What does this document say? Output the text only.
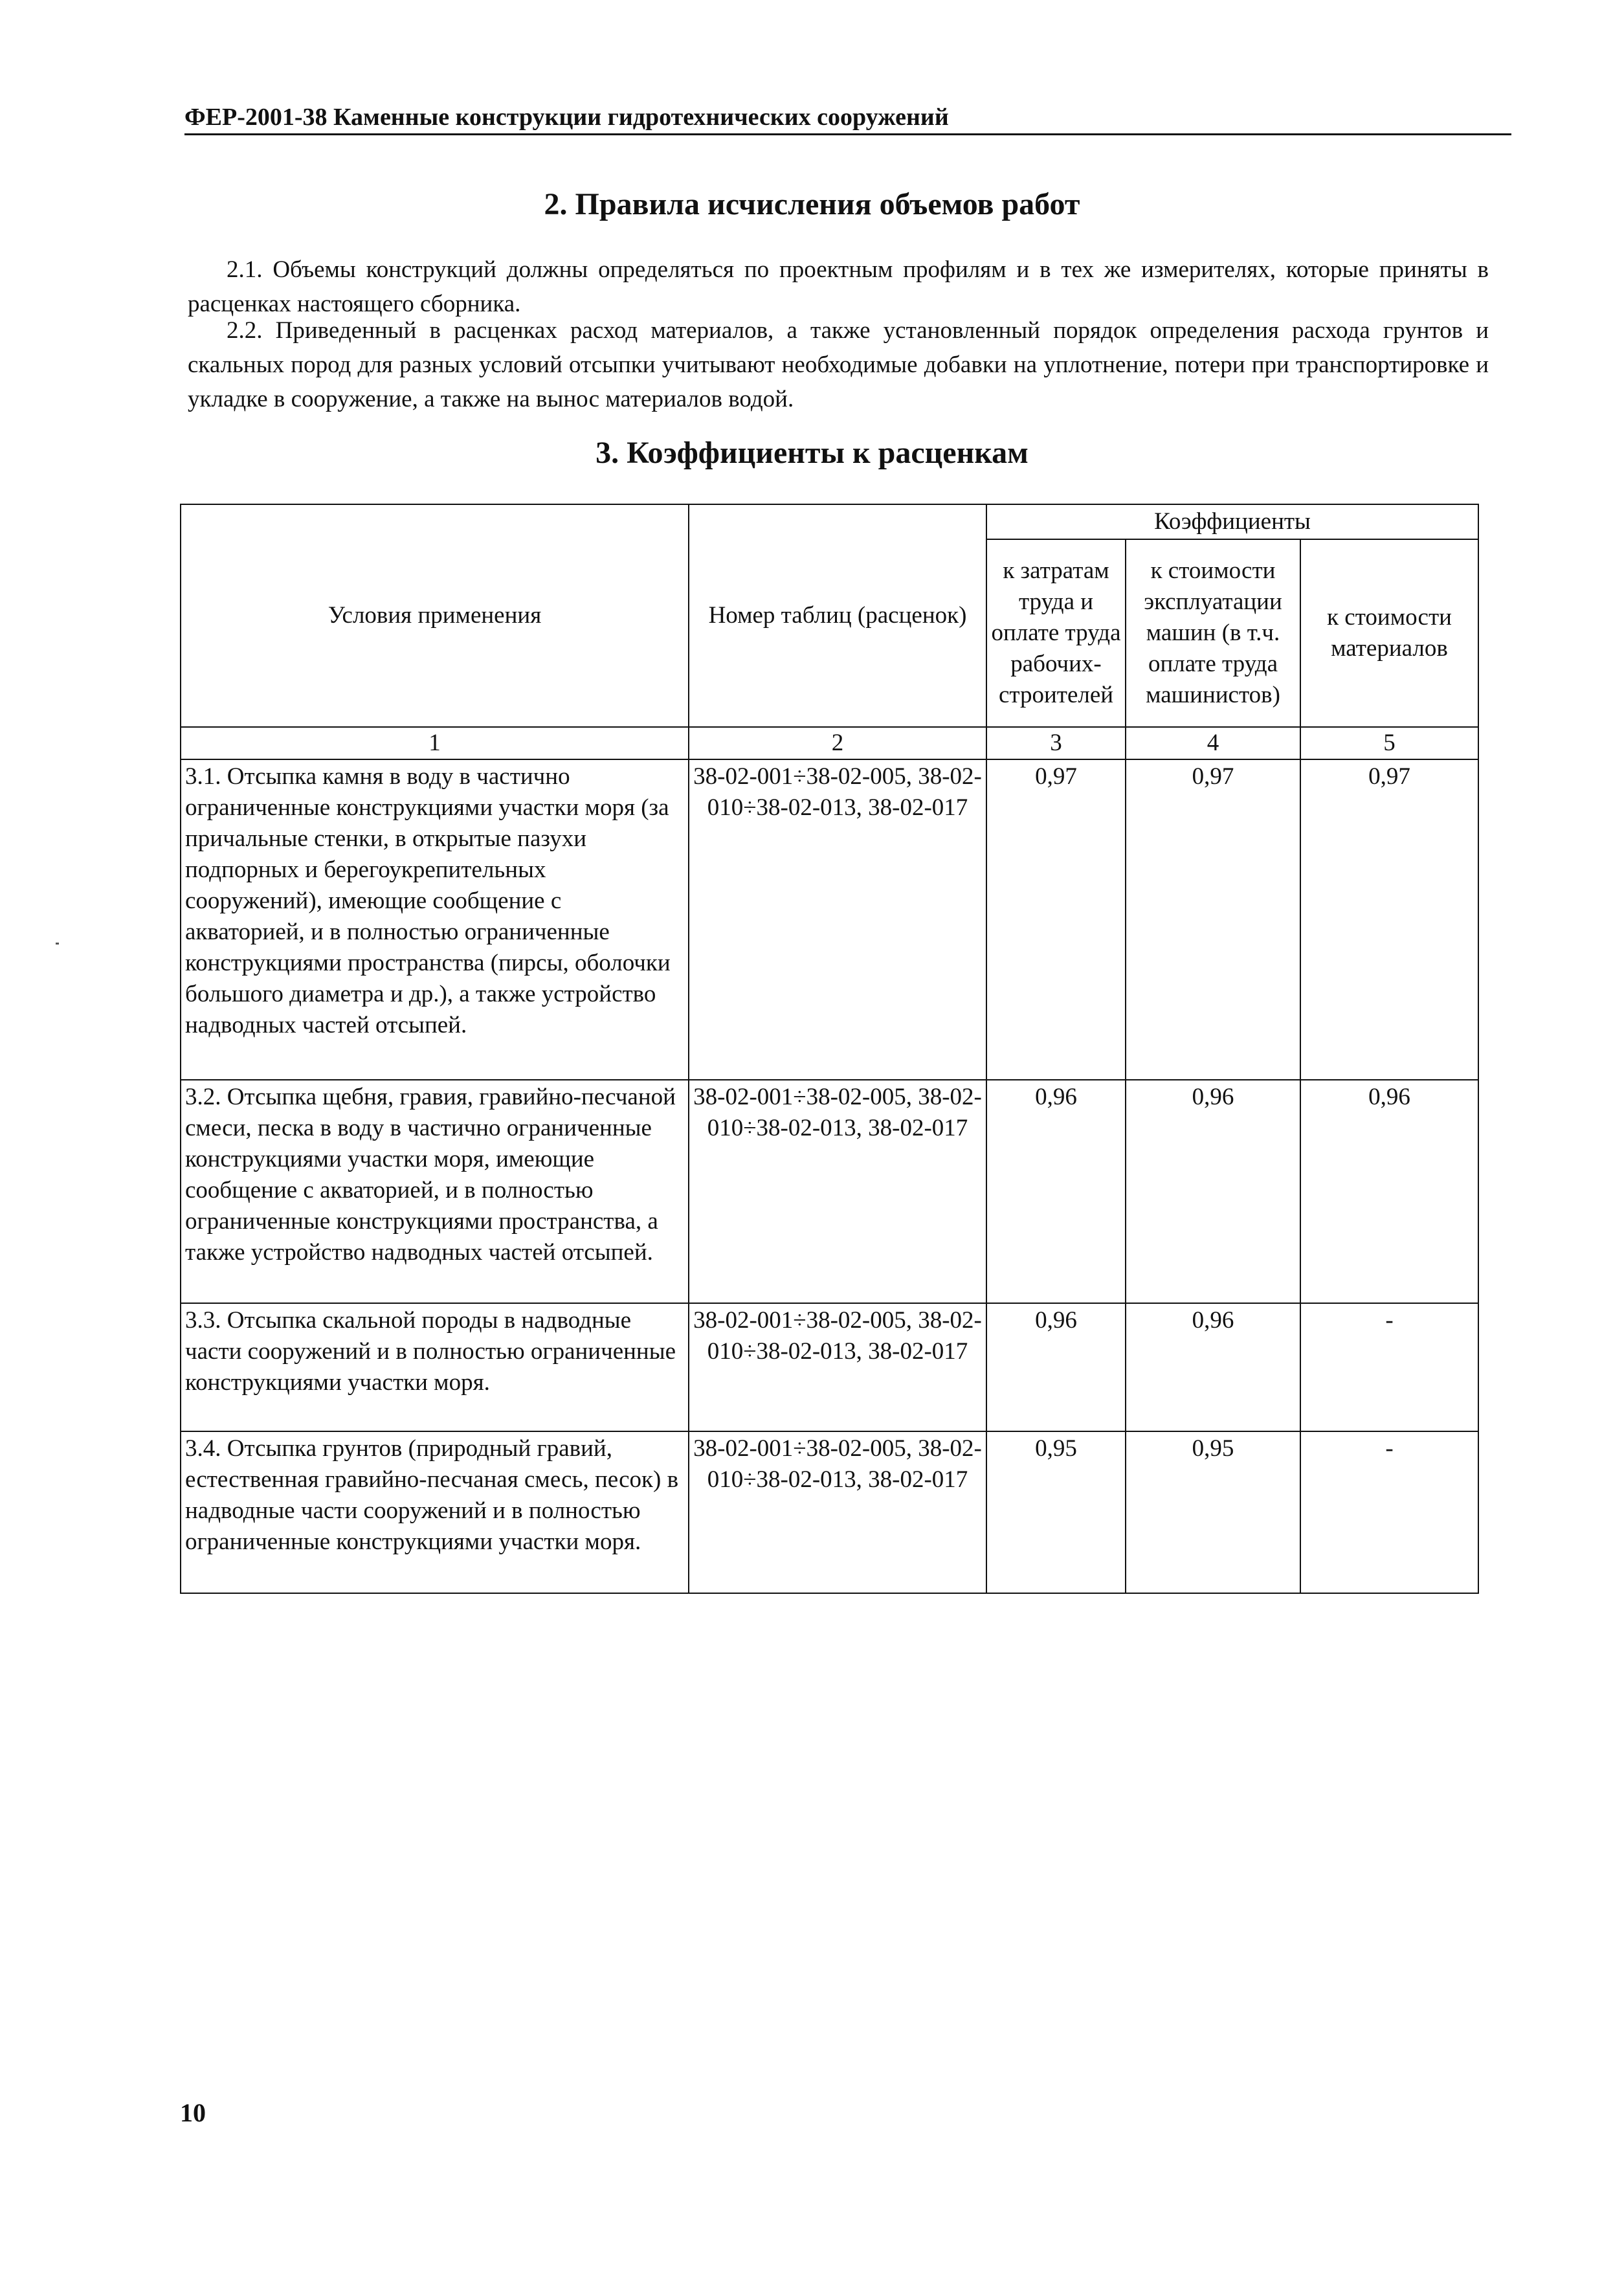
ФЕР-2001-38 Каменные конструкции гидротехнических сооружений
2. Правила исчисления объемов работ

2.1. Объемы конструкций должны определяться по проектным профилям и в тех же измерителях, которые приняты в расценках настоящего сборника.

2.2. Приведенный в расценках расход материалов, а также установленный порядок определения расхода грунтов и скальных пород для разных условий отсыпки учитывают необходимые добавки на уплотнение, потери при транспортировке и укладке в сооружение, а также на вынос материалов водой.

3. Коэффициенты к расценкам
Условия применения	Номер таблиц (расценок)	Коэффициенты		
		к затратам труда и оплате труда рабочих-строителей	к стоимости эксплуатации машин (в т.ч. оплате труда машинистов)	к стоимости материалов
1	2	3	4	5
3.1. Отсыпка камня в воду в частично ограниченные конструкциями участки моря (за причальные стенки, в открытые пазухи подпорных и берегоукрепительных сооружений), имеющие сообщение с акваторией, и в полностью ограниченные конструкциями пространства (пирсы, оболочки большого диаметра и др.), а также устройство надводных частей отсыпей.	38-02-001÷38-02-005, 38-02-010÷38-02-013, 38-02-017	0,97	0,97	0,97
3.2. Отсыпка щебня, гравия, гравийно-песчаной смеси, песка в воду в частично ограниченные конструкциями участки моря, имеющие сообщение с акваторией, и в полностью ограниченные конструкциями пространства, а также устройство надводных частей отсыпей.	38-02-001÷38-02-005, 38-02-010÷38-02-013, 38-02-017	0,96	0,96	0,96
3.3. Отсыпка скальной породы в надводные части сооружений и в полностью ограниченные конструкциями участки моря.	38-02-001÷38-02-005, 38-02-010÷38-02-013, 38-02-017	0,96	0,96	-
3.4. Отсыпка грунтов (природный гравий, естественная гравийно-песчаная смесь, песок) в надводные части сооружений и в полностью ограниченные конструкциями участки моря.	38-02-001÷38-02-005, 38-02-010÷38-02-013, 38-02-017	0,95	0,95	-
10
